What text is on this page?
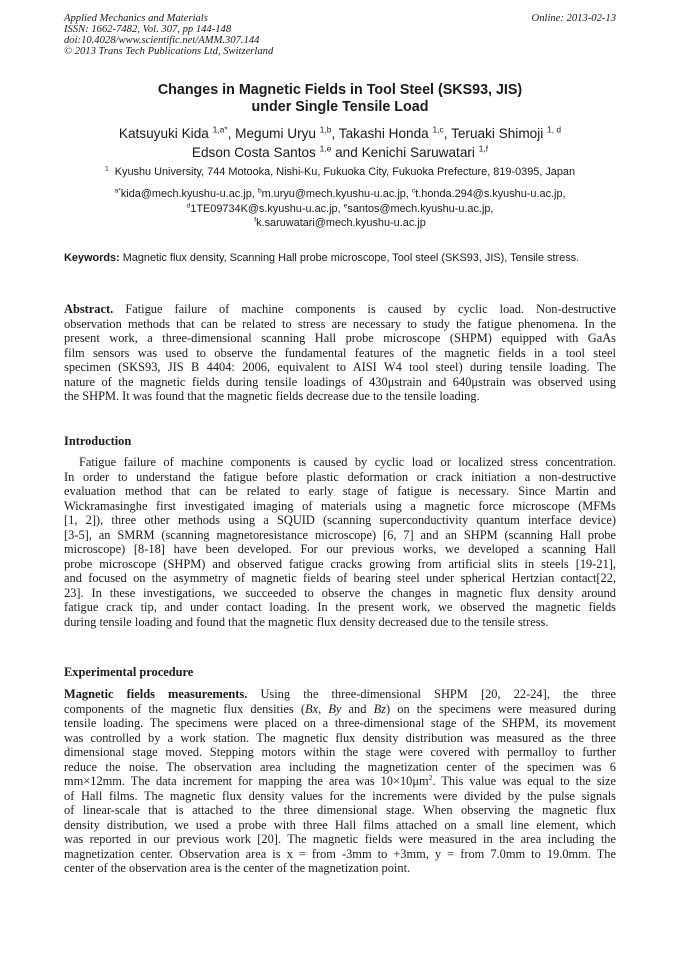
Applied Mechanics and Materials
ISSN: 1662-7482, Vol. 307, pp 144-148
doi:10.4028/www.scientific.net/AMM.307.144
© 2013 Trans Tech Publications Ltd, Switzerland
Online: 2013-02-13
Changes in Magnetic Fields in Tool Steel (SKS93, JIS)
under Single Tensile Load
Katsuyuki Kida $^{1,a*}$, Megumi Uryu $^{1,b}$, Takashi Honda $^{1,c}$, Teruaki Shimoji $^{1, d}$
Edson Costa Santos $^{1,e}$ and Kenichi Saruwatari $^{1,f}$
$^1$ Kyushu University, 744 Motooka, Nishi-Ku, Fukuoka City, Fukuoka Prefecture, 819-0395, Japan
$^{a*}$kida@mech.kyushu-u.ac.jp, $^b$m.uryu@mech.kyushu-u.ac.jp, $^c$t.honda.294@s.kyushu-u.ac.jp,
$^d$1TE09734K@s.kyushu-u.ac.jp, $^e$santos@mech.kyushu-u.ac.jp,
$^f$k.saruwatari@mech.kyushu-u.ac.jp
Keywords: Magnetic flux density, Scanning Hall probe microscope, Tool steel (SKS93, JIS), Tensile stress.
Abstract. Fatigue failure of machine components is caused by cyclic load. Non-destructive
observation methods that can be related to stress are necessary to study the fatigue phenomena. In the
present work, a three-dimensional scanning Hall probe microscope (SHPM) equipped with GaAs
film sensors was used to observe the fundamental features of the magnetic fields in a tool steel
specimen (SKS93, JIS B 4404: 2006, equivalent to AISI W4 tool steel) during tensile loading. The
nature of the magnetic fields during tensile loadings of 430μstrain and 640μstrain was observed using
the SHPM. It was found that the magnetic fields decrease due to the tensile loading.
Introduction
Fatigue failure of machine components is caused by cyclic load or localized stress concentration.
In order to understand the fatigue before plastic deformation or crack initiation a non-destructive
evaluation method that can be related to early stage of fatigue is necessary. Since Martin and
Wickramasinghe first investigated imaging of materials using a magnetic force microscope (MFMs
[1, 2]), three other methods using a SQUID (scanning superconductivity quantum interface device)
[3-5], an SMRM (scanning magnetoresistance microscope) [6, 7] and an SHPM (scanning Hall probe
microscope) [8-18] have been developed. For our previous works, we developed a scanning Hall
probe microscope (SHPM) and observed fatigue cracks growing from artificial slits in steels [19-21],
and focused on the asymmetry of magnetic fields of bearing steel under spherical Hertzian contact[22,
23]. In these investigations, we succeeded to observe the changes in magnetic flux density around
fatigue crack tip, and under contact loading. In the present work, we observed the magnetic fields
during tensile loading and found that the magnetic flux density decreased due to the tensile stress.
Experimental procedure
Magnetic fields measurements. Using the three-dimensional SHPM [20, 22-24], the three
components of the magnetic flux densities (Bx, By and Bz) on the specimens were measured during
tensile loading. The specimens were placed on a three-dimensional stage of the SHPM, its movement
was controlled by a work station. The magnetic flux density distribution was measured as the three
dimensional stage moved. Stepping motors within the stage were covered with permalloy to further
reduce the noise. The observation area including the magnetization center of the specimen was 6
mm×12mm. The data increment for mapping the area was $10\times 10\mu m^2$. This value was equal to the size
of Hall films. The magnetic flux density values for the increments were divided by the pulse signals
of linear-scale that is attached to the three dimensional stage. When observing the magnetic flux
density distribution, we used a probe with three Hall films attached on a small line element, which
was reported in our previous work [20]. The magnetic fields were measured in the area including the
magnetization center. Observation area is x = from -3mm to +3mm, y = from 7.0mm to 19.0mm. The
center of the observation area is the center of the magnetization point.
